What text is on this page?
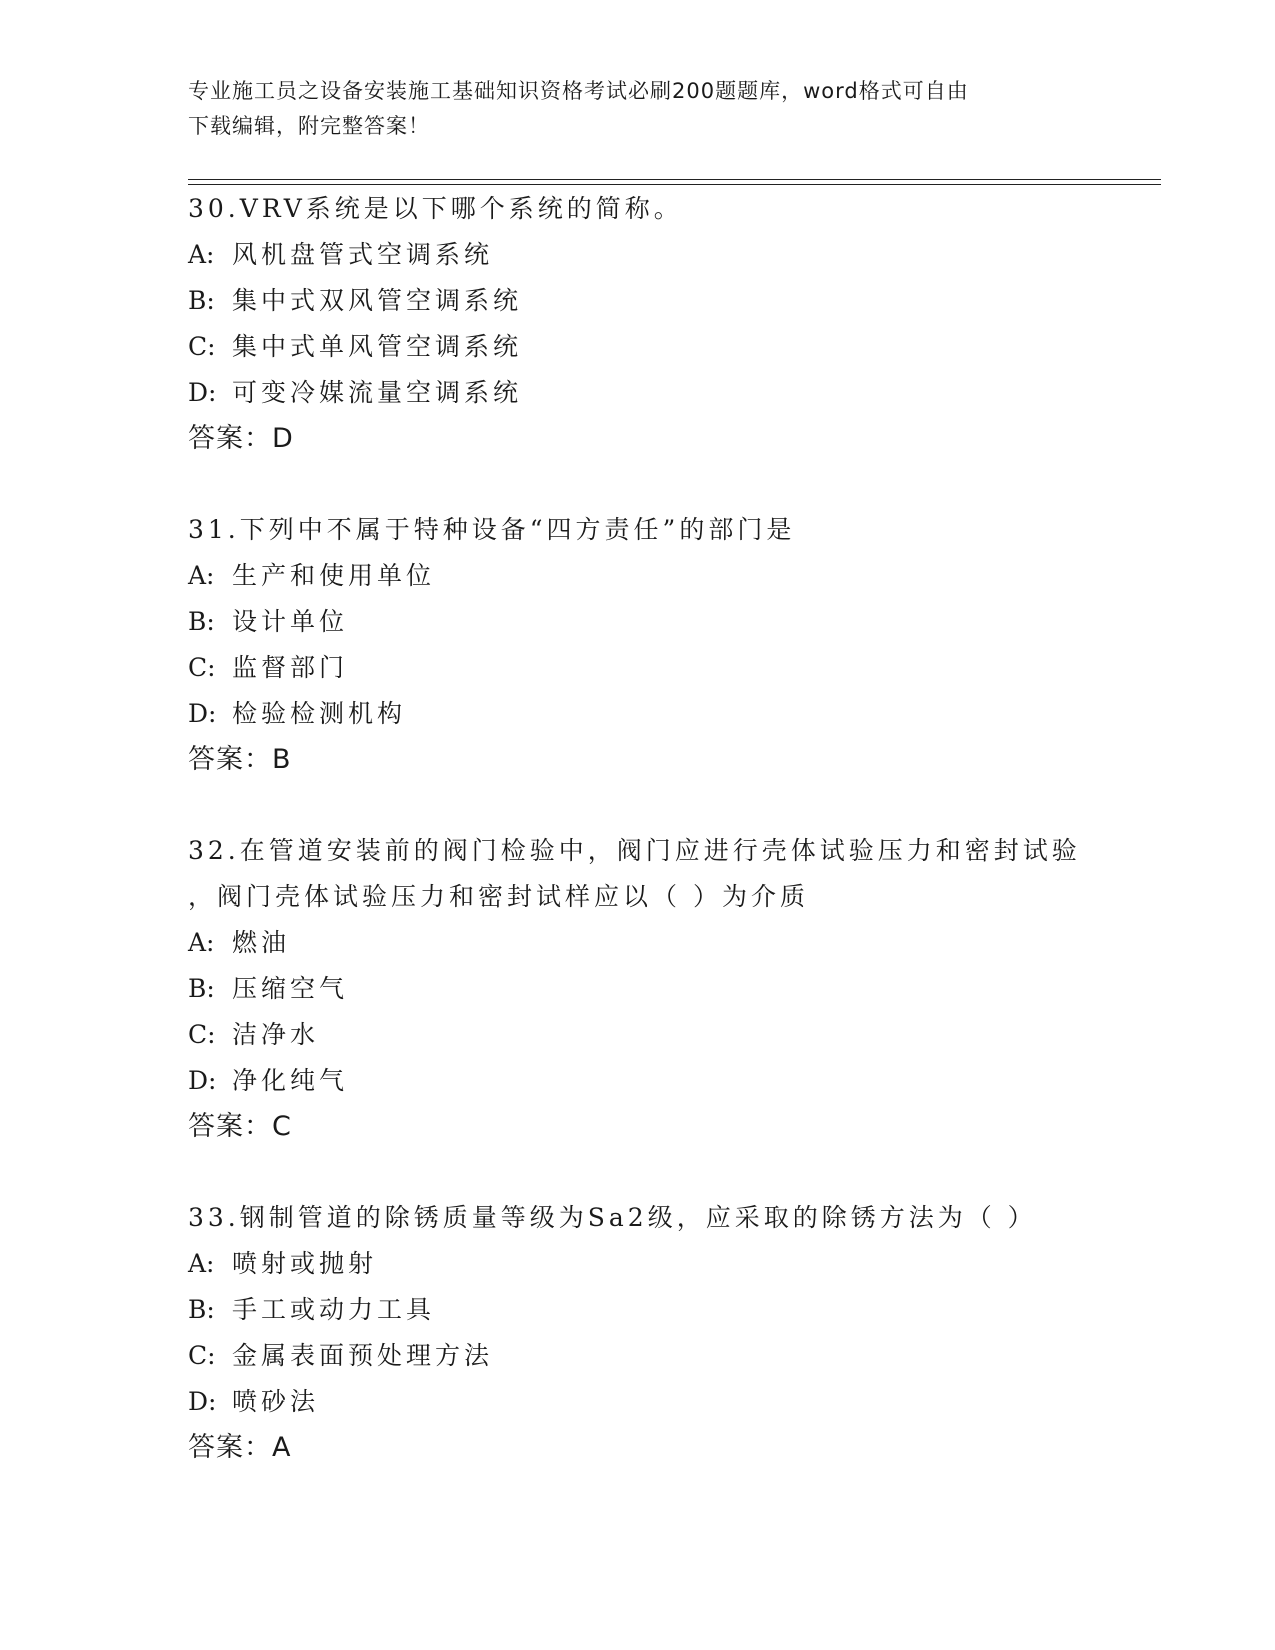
专业施工员之设备安装施工基础知识资格考试必刷200题题库，word格式可自由
下载编辑，附完整答案！
30.VRV系统是以下哪个系统的简称。
A: 风机盘管式空调系统
B: 集中式双风管空调系统
C: 集中式单风管空调系统
D: 可变冷媒流量空调系统
答案：D
31.下列中不属于特种设备“四方责任”的部门是
A: 生产和使用单位
B: 设计单位
C: 监督部门
D: 检验检测机构
答案：B
32.在管道安装前的阀门检验中，阀门应进行壳体试验压力和密封试验
，阀门壳体试验压力和密封试样应以（ ）为介质
A: 燃油
B: 压缩空气
C: 洁净水
D: 净化纯气
答案：C
33.钢制管道的除锈质量等级为Sa2级，应采取的除锈方法为（ ）
A: 喷射或抛射
B: 手工或动力工具
C: 金属表面预处理方法
D: 喷砂法
答案：A
